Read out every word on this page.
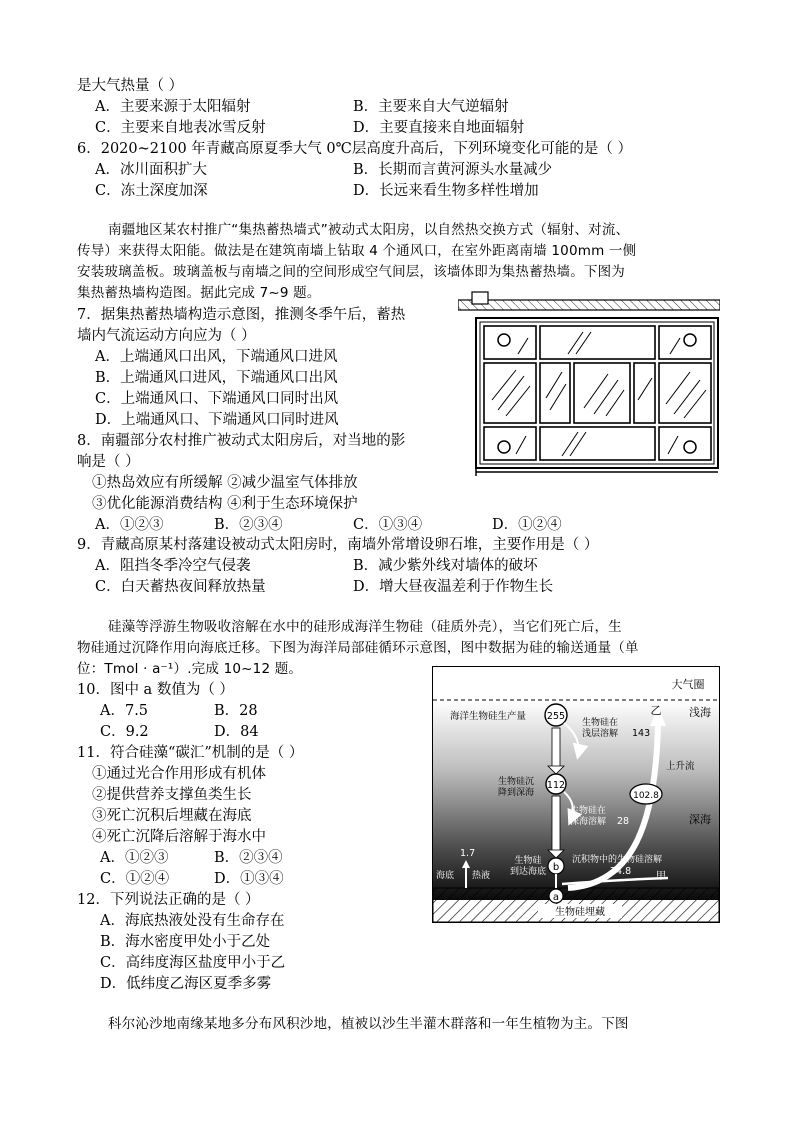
是大气热量（ ）
A．主要来源于太阳辐射	B．主要来自大气逆辐射
C．主要来自地表冰雪反射	D．主要直接来自地面辐射
6．2020~2100 年青藏高原夏季大气 0℃层高度升高后，下列环境变化可能的是（ ）
A．冰川面积扩大	B．长期而言黄河源头水量减少
C．冻土深度加深	D．长远来看生物多样性增加
南疆地区某农村推广“集热蓄热墙式”被动式太阳房，以自然热交换方式（辐射、对流、
传导）来获得太阳能。做法是在建筑南墙上钻取 4 个通风口，在室外距离南墙 100mm 一侧
安装玻璃盖板。玻璃盖板与南墙之间的空间形成空气间层，该墙体即为集热蓄热墙。下图为
集热蓄热墙构造图。据此完成 7~9 题。
7．据集热蓄热墙构造示意图，推测冬季午后，蓄热
墙内气流运动方向应为（ ）
A．上端通风口出风，下端通风口进风
B．上端通风口进风，下端通风口出风
C．上端通风口、下端通风口同时出风
D．上端通风口、下端通风口同时进风
8．南疆部分农村推广被动式太阳房后，对当地的影
响是（ ）
①热岛效应有所缓解 ②减少温室气体排放
③优化能源消费结构 ④利于生态环境保护
A．①②③	B．②③④	C．①③④	D．①②④
9．青藏高原某村落建设被动式太阳房时，南墙外常增设卵石堆，主要作用是（ ）
A．阻挡冬季冷空气侵袭	B．减少紫外线对墙体的破坏
C．白天蓄热夜间释放热量	D．增大昼夜温差利于作物生长
硅藻等浮游生物吸收溶解在水中的硅形成海洋生物硅（硅质外壳），当它们死亡后，生
物硅通过沉降作用向海底迁移。下图为海洋局部硅循环示意图，图中数据为硅的输送通量（单
位：Tmol · a⁻¹）.完成 10~12 题。
10．图中 a 数值为（ ）
A．7.5	B．28
C．9.2	D．84
11．符合硅藻“碳汇”机制的是（ ）
①通过光合作用形成有机体
②提供营养支撑鱼类生长
③死亡沉积后埋藏在海底
④死亡沉降后溶解于海水中
A．①②③	B．②③④
C．①②④	D．①③④
12．下列说法正确的是（ ）
A．海底热液处没有生命存在
B．海水密度甲处小于乙处
C．高纬度海区盐度甲小于乙
D．低纬度乙海区夏季多雾
科尔沁沙地南缘某地多分布风积沙地，植被以沙生半灌木群落和一年生植物为主。下图
生物硅埋藏
大气圈
浅海
深海
海洋生物硅生产量 255
生物硅在
浅层溶解 143
生物硅沉
降到深海
112
生物硅在
深海溶解 28
生物硅
到达海底 b
a
沉积物中的生物硅溶解
74.8 甲
乙
102.8
上升流
1.7
海底 热液
